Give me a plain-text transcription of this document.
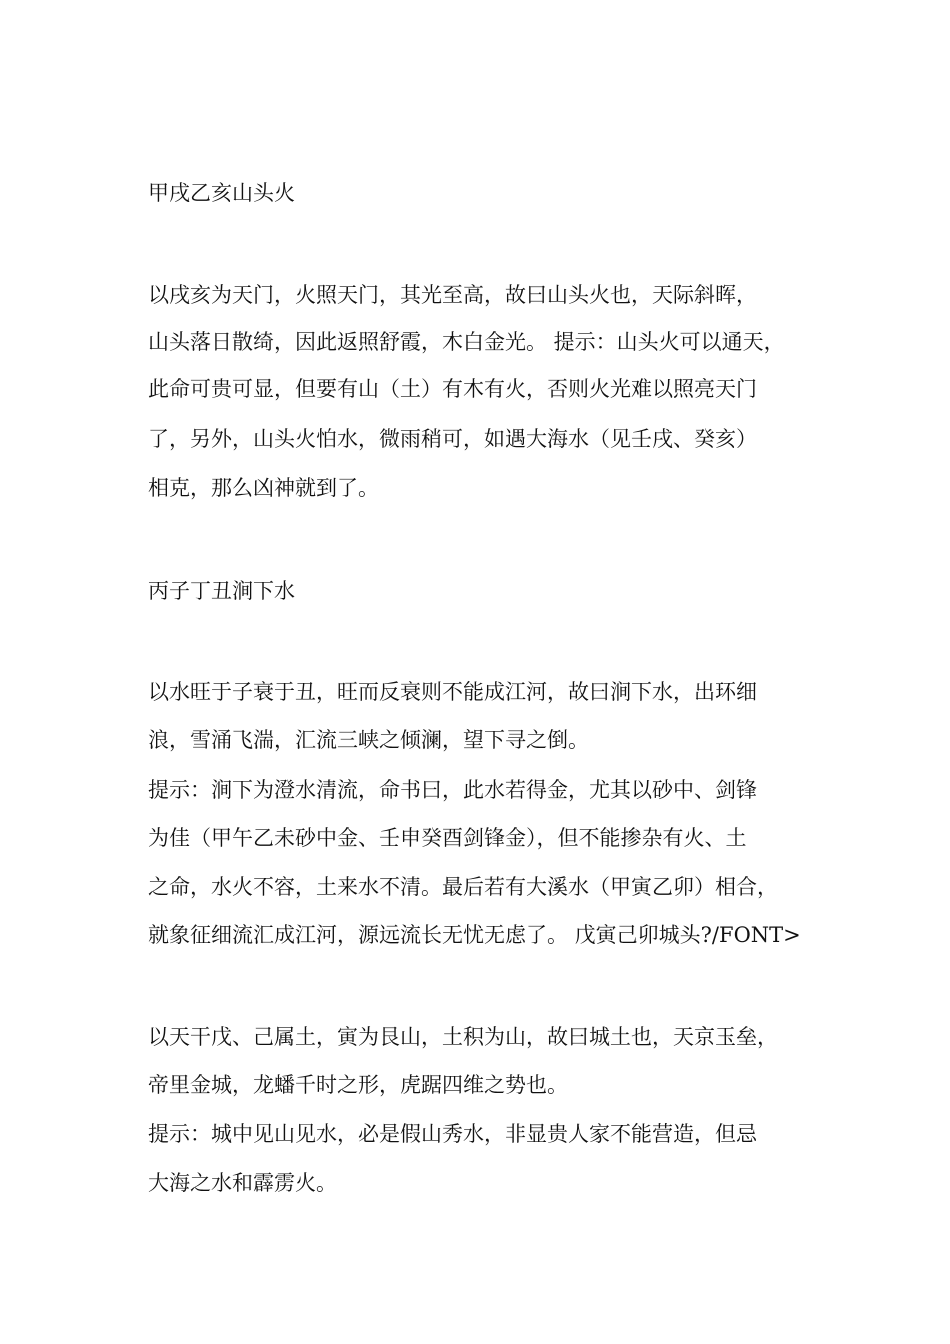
甲戌乙亥山头火
以戌亥为天门，火照天门，其光至高，故曰山头火也，天际斜晖，
山头落日散绮，因此返照舒霞，木白金光。 提示：山头火可以通天，
此命可贵可显，但要有山（土）有木有火，否则火光难以照亮天门
了，另外，山头火怕水，微雨稍可，如遇大海水（见壬戌、癸亥）
相克，那么凶神就到了。
丙子丁丑涧下水
以水旺于子衰于丑，旺而反衰则不能成江河，故曰涧下水，出环细
浪，雪涌飞湍，汇流三峡之倾澜，望下寻之倒。
提示：涧下为澄水清流，命书曰，此水若得金，尤其以砂中、剑锋
为佳（甲午乙未砂中金、壬申癸酉剑锋金），但不能掺杂有火、土
之命，水火不容，土来水不清。最后若有大溪水（甲寅乙卯）相合，
就象征细流汇成江河，源远流长无忧无虑了。 戊寅己卯城头?/FONT>
以天干戊、己属土，寅为艮山，土积为山，故曰城土也，天京玉垒，
帝里金城，龙蟠千时之形，虎踞四维之势也。
提示：城中见山见水，必是假山秀水，非显贵人家不能营造，但忌
大海之水和霹雳火。
